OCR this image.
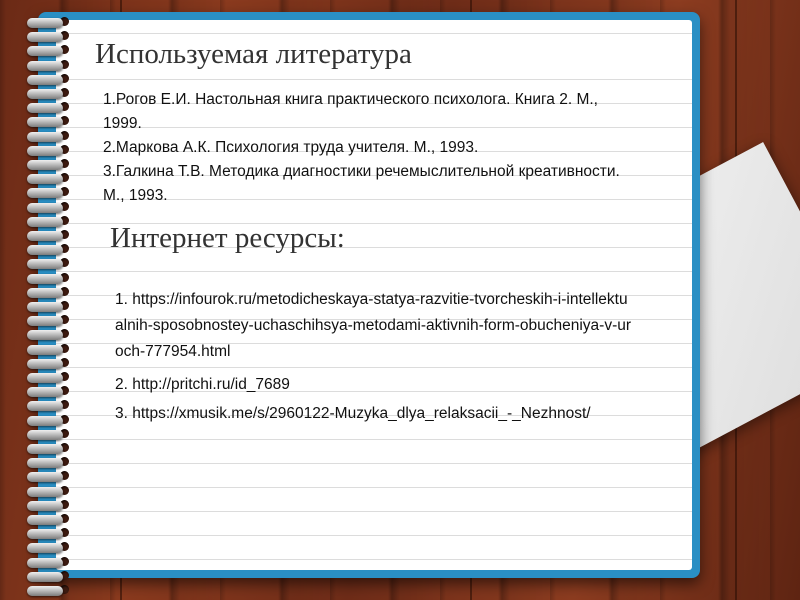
Используемая литература

1.Рогов Е.И. Настольная книга практического психолога. Книга 2. М., 1999.

2.Маркова А.К. Психология труда учителя. М., 1993.

3.Галкина Т.В. Методика диагностики речемыслительной креативности. М., 1993.

Интернет ресурсы:

1. https://infourok.ru/metodicheskaya-statya-razvitie-tvorcheskih-i-intellektualnih-sposobnostey-uchaschihsya-metodami-aktivnih-form-obucheniya-v-uroch-777954.html

2. http://pritchi.ru/id_7689

3. https://xmusik.me/s/2960122-Muzyka_dlya_relaksacii_-_Nezhnost/
